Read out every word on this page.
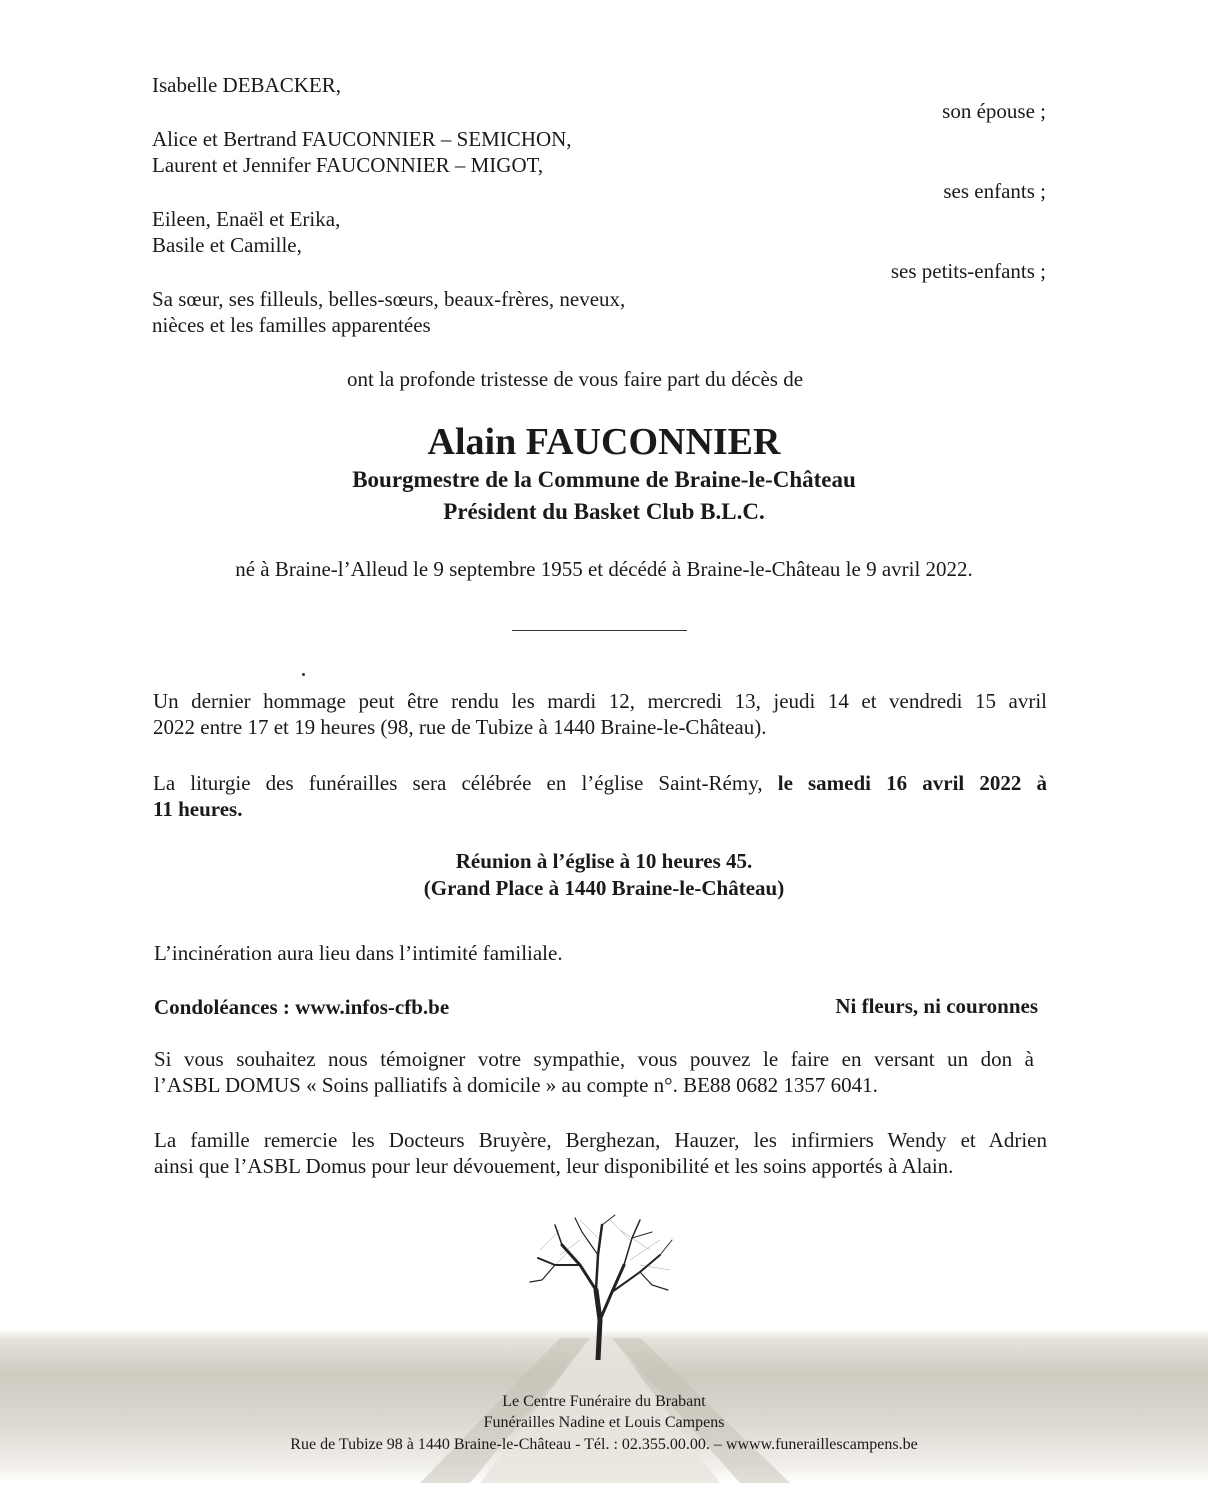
Isabelle DEBACKER,
son épouse ;
Alice et Bertrand FAUCONNIER – SEMICHON,
Laurent et Jennifer FAUCONNIER – MIGOT,
ses enfants ;
Eileen, Enaël et Erika,
Basile et Camille,
ses petits-enfants ;
Sa sœur, ses filleuls, belles-sœurs, beaux-frères, neveux,
nièces et les familles apparentées
ont la profonde tristesse de vous faire part du décès de
Alain FAUCONNIER
Bourgmestre de la Commune de Braine-le-Château
Président du Basket Club B.L.C.
né à Braine-l’Alleud le 9 septembre 1955 et décédé à Braine-le-Château le 9 avril 2022.
Un dernier hommage peut être rendu les mardi 12, mercredi 13, jeudi 14 et vendredi 15 avril
2022 entre 17 et 19 heures (98, rue de Tubize à 1440 Braine-le-Château).
La liturgie des funérailles sera célébrée en l’église Saint-Rémy, le samedi 16 avril 2022 à
11 heures.
Réunion à l’église à 10 heures 45.
(Grand Place à 1440 Braine-le-Château)
L’incinération aura lieu dans l’intimité familiale.
Condoléances : www.infos-cfb.be	Ni fleurs, ni couronnes
Si vous souhaitez nous témoigner votre sympathie, vous pouvez le faire en versant un don à
l’ASBL DOMUS « Soins palliatifs à domicile » au compte n°. BE88 0682 1357 6041.
La famille remercie les Docteurs Bruyère, Berghezan, Hauzer, les infirmiers Wendy et Adrien
ainsi que l’ASBL Domus pour leur dévouement, leur disponibilité et les soins apportés à Alain.
Le Centre Funéraire du Brabant
Funérailles Nadine et Louis Campens
Rue de Tubize 98 à 1440 Braine-le-Château - Tél. : 02.355.00.00. – wwww.funeraillescampens.be
